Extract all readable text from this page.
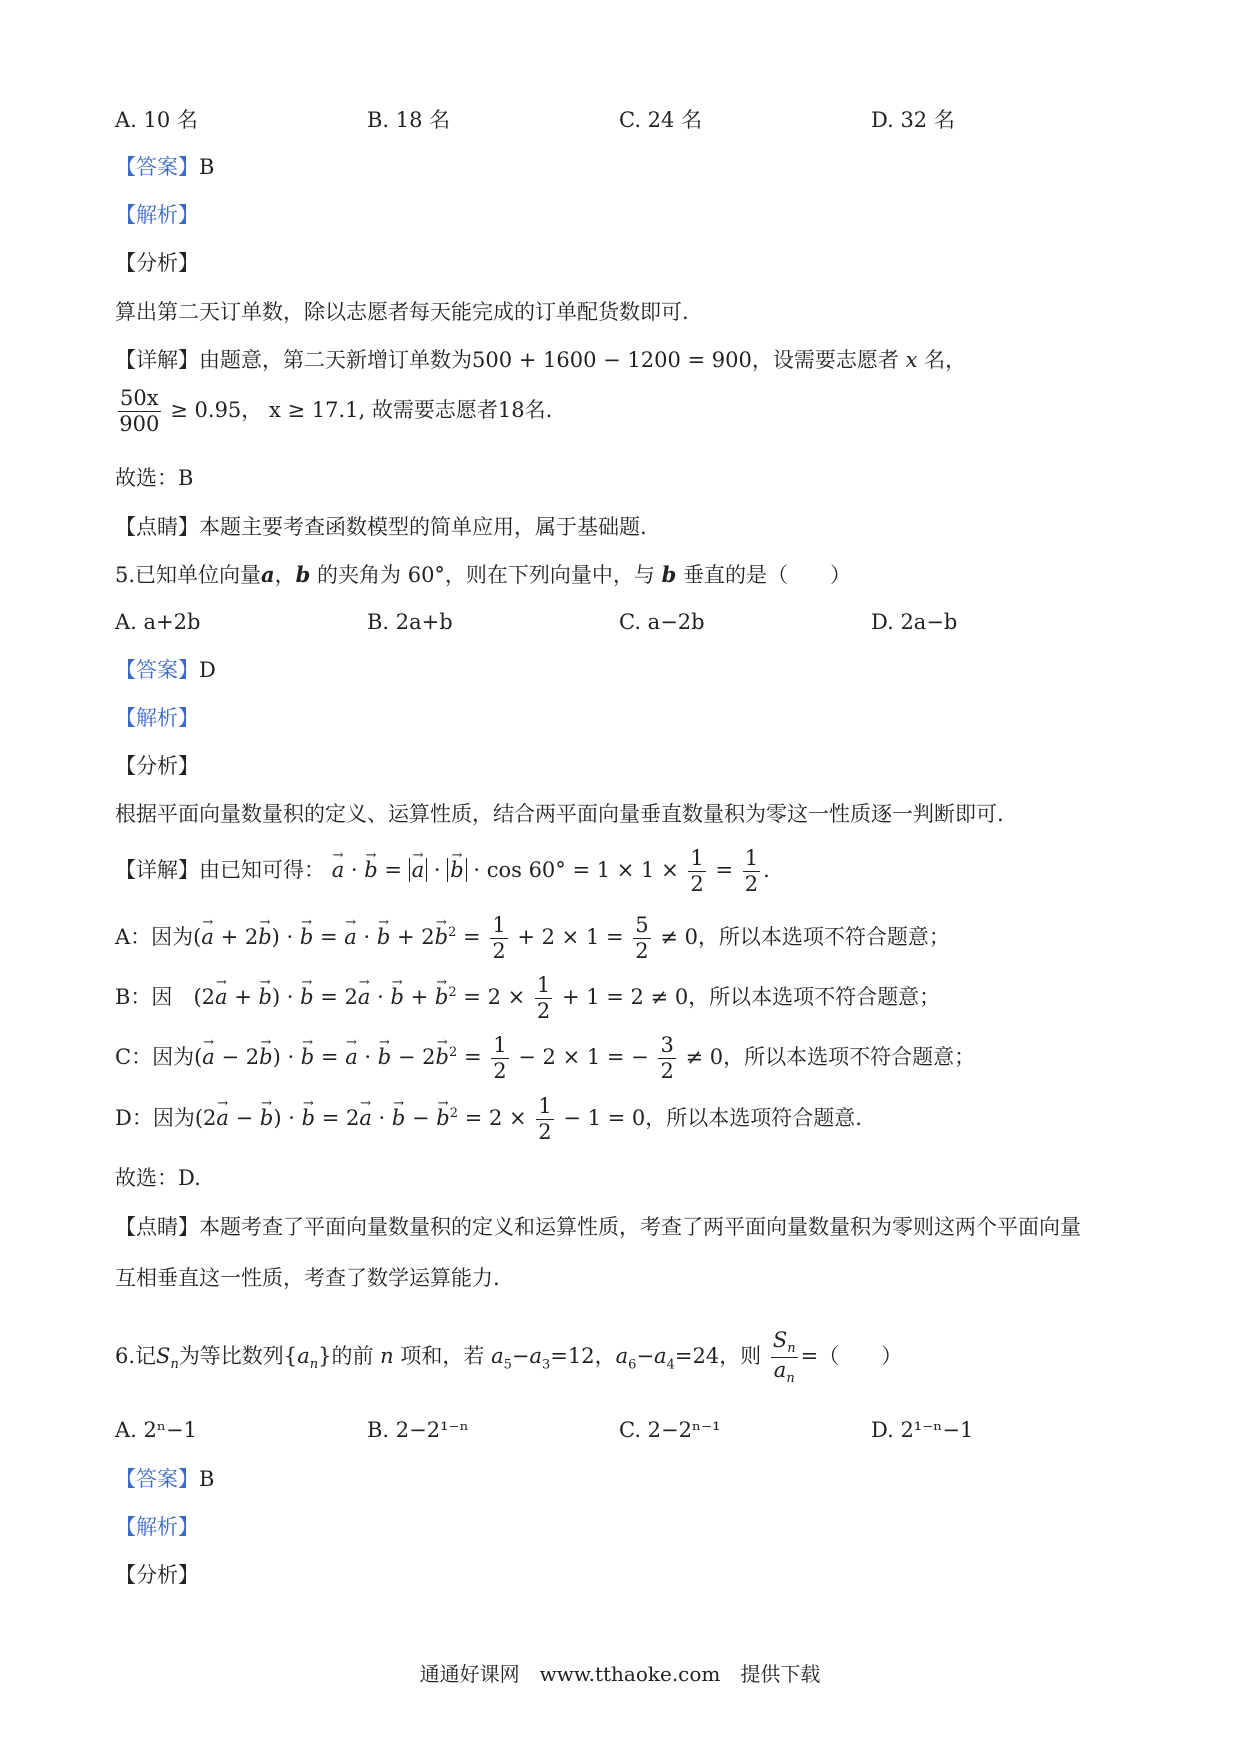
A. 10 名	B. 18 名	C. 24 名	D. 32 名
【答案】B
【解析】
【分析】
算出第二天订单数，除以志愿者每天能完成的订单配货数即可.
【详解】由题意，第二天新增订单数为500 + 1600 − 1200 = 900，设需要志愿者 x 名，
$\frac{50x}{900} \ge 0.95$， x ≥ 17.1, 故需要志愿者18名.
故选：B
【点睛】本题主要考查函数模型的简单应用，属于基础题.
5.已知单位向量a，b 的夹角为 60°，则在下列向量中，与 b 垂直的是（　　）
A. a+2b	B. 2a+b	C. a−2b	D. 2a−b
【答案】D
【解析】
【分析】
根据平面向量数量积的定义、运算性质，结合两平面向量垂直数量积为零这一性质逐一判断即可.
【详解】由已知可得： → a · → b = → a · → $b \cdot \cos 60^\circ = 1 \times 1 \times \frac{1}{2} = \frac{1}{2}$ .
A：因为(→ a + 2→ b) · → b = → a · → $b + 2\to b^2 = \frac{1}{2} + 2 \times 1 = \frac{5}{2} \ne 0$，所以本选项不符合题意；
B：因　(2→ a + → b) · → b = 2→ a · → b + → $b^2 = 2 \times \frac{1}{2} + 1 = 2 \ne 0$，所以本选项不符合题意；
C：因为(→ a − 2→ b) · → b = → a · → $b - 2\to b^2 = \frac{1}{2} - 2 \times 1$ = − $\frac{3}{2} \ne 0$，所以本选项不符合题意；
D：因为(2→ a − → b) · → b = 2→ a · → b − → $b^2 = 2 \times \frac{1}{2} - 1 = 0$，所以本选项符合题意.
故选：D.
【点睛】本题考查了平面向量数量积的定义和运算性质，考查了两平面向量数量积为零则这两个平面向量
互相垂直这一性质，考查了数学运算能力.
6.记$S_n$为等比数列$\{a_n\}$的前 n 项和，若 $a_5-a_3=12$，$a_6-a_4=24$，则 $\frac{S_n}{a_n}$ =（　　）
A. 2ⁿ−1	B. 2−2¹⁻ⁿ	C. 2−2ⁿ⁻¹	D. 2¹⁻ⁿ−1
【答案】B
【解析】
【分析】
通通好课网　www.tthaoke.com　提供下载
